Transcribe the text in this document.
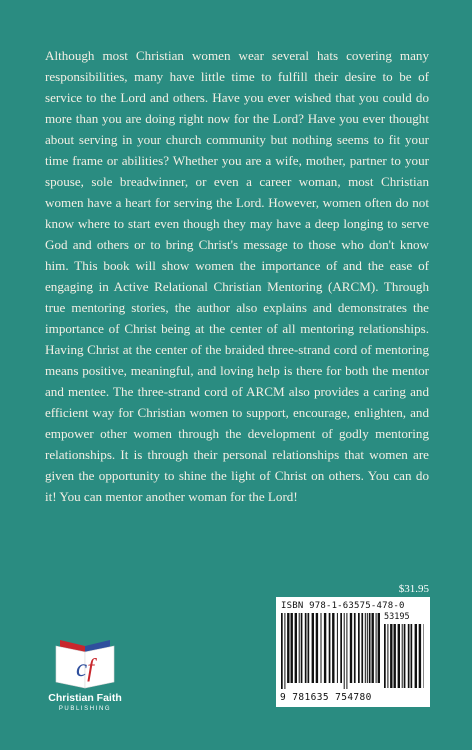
Although most Christian women wear several hats covering many responsibilities, many have little time to fulfill their desire to be of service to the Lord and others. Have you ever wished that you could do more than you are doing right now for the Lord? Have you ever thought about serving in your church community but nothing seems to fit your time frame or abilities? Whether you are a wife, mother, partner to your spouse, sole breadwinner, or even a career woman, most Christian women have a heart for serving the Lord. However, women often do not know where to start even though they may have a deep longing to serve God and others or to bring Christ's message to those who don't know him. This book will show women the importance of and the ease of engaging in Active Relational Christian Mentoring (ARCM). Through true mentoring stories, the author also explains and demonstrates the importance of Christ being at the center of all mentoring relationships. Having Christ at the center of the braided three-strand cord of mentoring means positive, meaningful, and loving help is there for both the mentor and mentee. The three-strand cord of ARCM also provides a caring and efficient way for Christian women to support, encourage, enlighten, and empower other women through the development of godly mentoring relationships. It is through their personal relationships that women are given the opportunity to shine the light of Christ on others. You can do it! You can mentor another woman for the Lord!

$31.95
ISBN 978-1-63575-478-0
53195
9 781635 754780
cf
Christian Faith
PUBLISHING
